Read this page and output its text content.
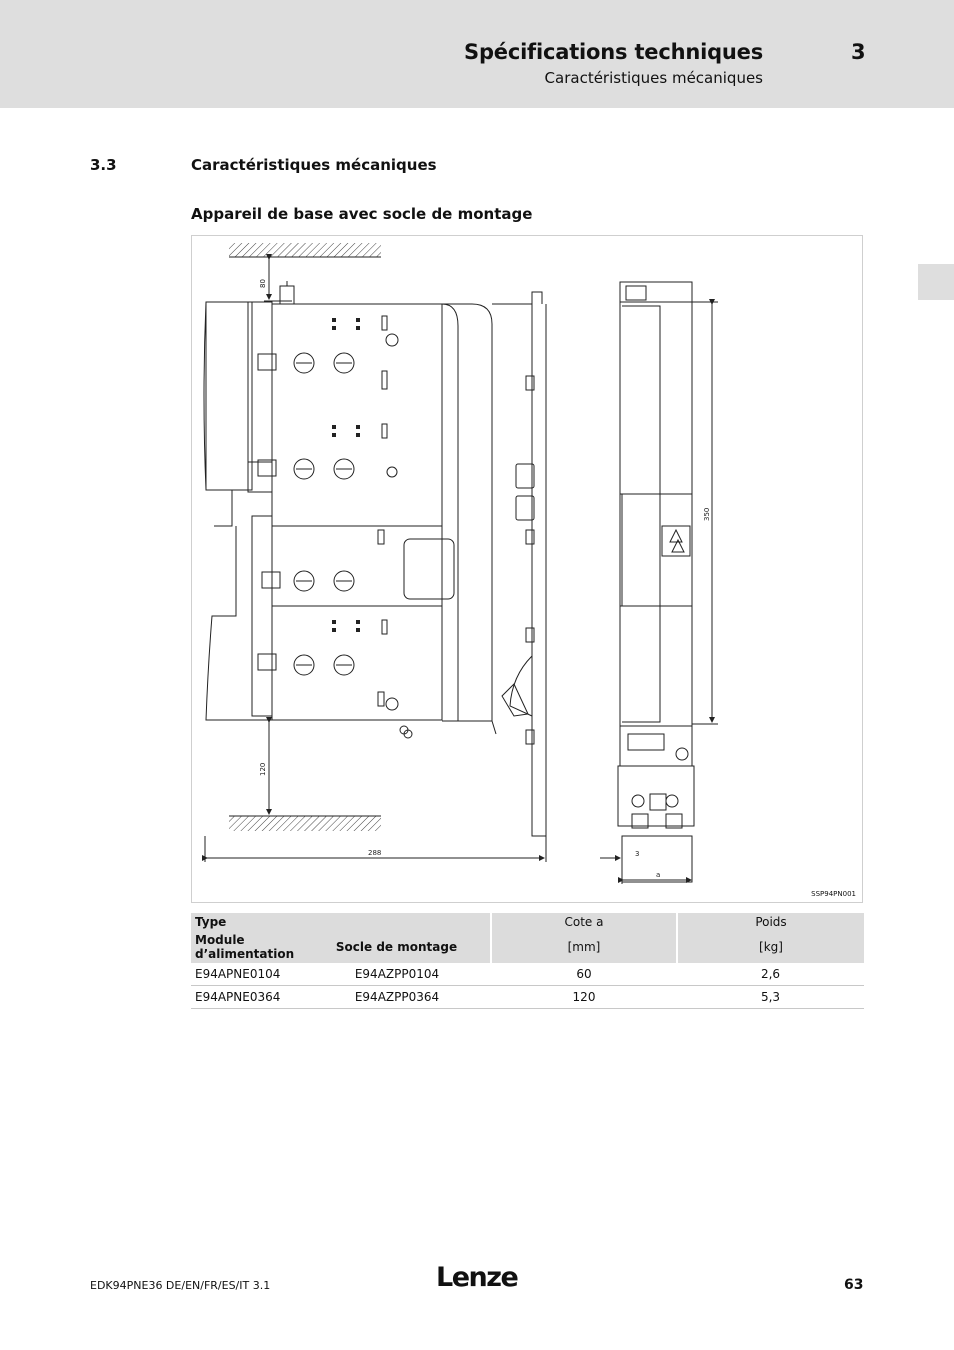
Spécifications techniques	3
Caractéristiques mécaniques
3.3	Caractéristiques mécaniques
Appareil de base avec socle de montage
80
120
288
350
3
a
SSP94PN001
Type		Cote a	Poids
Module d’alimentation	Socle de montage	[mm]	[kg]
E94APNE0104	E94AZPP0104	60	2,6
E94APNE0364	E94AZPP0364	120	5,3
EDK94PNE36 DE/EN/FR/ES/IT 3.1	Lenze	63
